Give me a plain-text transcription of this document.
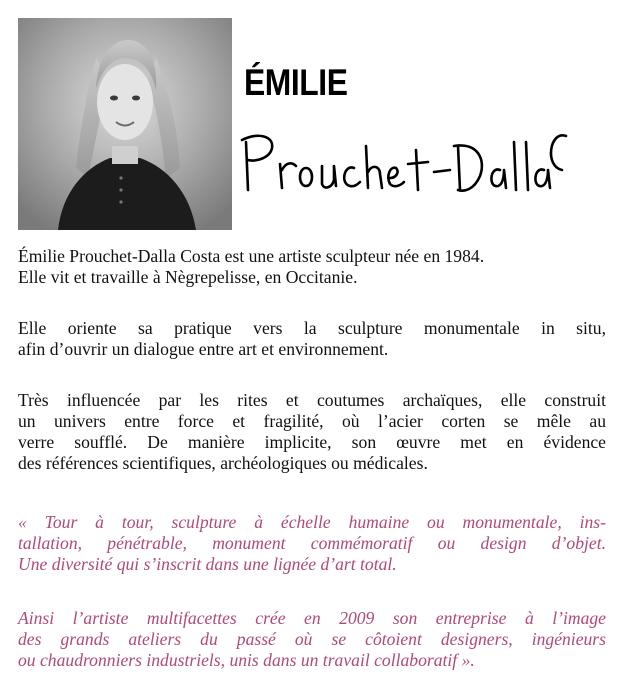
ÉMILIE

Émilie Prouchet-Dalla Costa est une artiste sculpteur née en 1984.
Elle vit et travaille à Nègrepelisse, en Occitanie.

Elle oriente sa pratique vers la sculpture monumentale in situ,
afin d’ouvrir un dialogue entre art et environnement.

Très influencée par les rites et coutumes archaïques, elle construit
un univers entre force et fragilité, où l’acier corten se mêle au
verre soufflé. De manière implicite, son œuvre met en évidence
des références scientifiques, archéologiques ou médicales.

« Tour à tour, sculpture à échelle humaine ou monumentale, ins-
tallation, pénétrable, monument commémoratif ou design d’objet.
Une diversité qui s’inscrit dans une lignée d’art total.

Ainsi l’artiste multifacettes crée en 2009 son entreprise à l’image
des grands ateliers du passé où se côtoient designers, ingénieurs
ou chaudronniers industriels, unis dans un travail collaboratif ».
